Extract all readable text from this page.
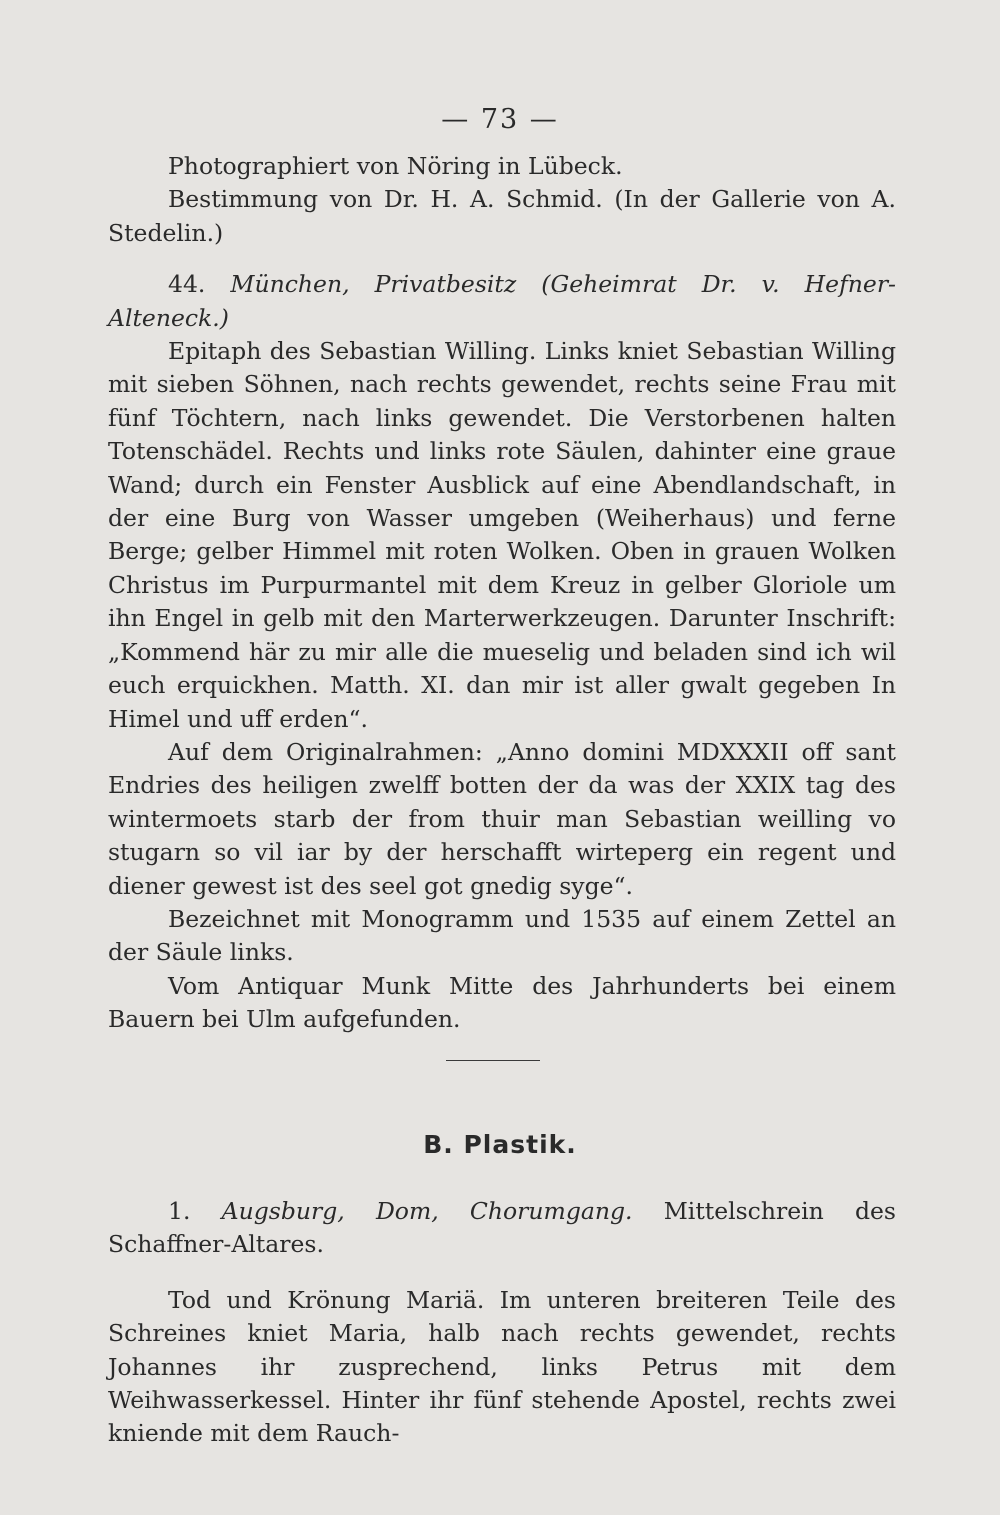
— 73 —

Photographiert von Nöring in Lübeck.

Bestimmung von Dr. H. A. Schmid. (In der Gallerie von A. Stedelin.)

44. München, Privatbesitz (Geheimrat Dr. v. Hefner-Alteneck.)

Epitaph des Sebastian Willing. Links kniet Sebastian Willing mit sieben Söhnen, nach rechts gewendet, rechts seine Frau mit fünf Töchtern, nach links gewendet. Die Verstorbenen halten Totenschädel. Rechts und links rote Säulen, dahinter eine graue Wand; durch ein Fenster Ausblick auf eine Abendlandschaft, in der eine Burg von Wasser umgeben (Weiherhaus) und ferne Berge; gelber Himmel mit roten Wolken. Oben in grauen Wolken Christus im Purpurmantel mit dem Kreuz in gelber Gloriole um ihn Engel in gelb mit den Marterwerkzeugen. Darunter Inschrift: „Kommend här zu mir alle die mueselig und beladen sind ich wil euch erquickhen. Matth. XI. dan mir ist aller gwalt gegeben In Himel und uff erden“.

Auf dem Originalrahmen: „Anno domini MDXXXII off sant Endries des heiligen zwelff botten der da was der XXIX tag des wintermoets starb der from thuir man Sebastian weilling vo stugarn so vil iar by der herschafft wirteperg ein regent und diener gewest ist des seel got gnedig syge“.

Bezeichnet mit Monogramm und 1535 auf einem Zettel an der Säule links.

Vom Antiquar Munk Mitte des Jahrhunderts bei einem Bauern bei Ulm aufgefunden.

B. Plastik.

1. Augsburg, Dom, Chorumgang. Mittelschrein des Schaffner-Altares.

Tod und Krönung Mariä. Im unteren breiteren Teile des Schreines kniet Maria, halb nach rechts gewendet, rechts Johannes ihr zusprechend, links Petrus mit dem Weihwasserkessel. Hinter ihr fünf stehende Apostel, rechts zwei kniende mit dem Rauch-
